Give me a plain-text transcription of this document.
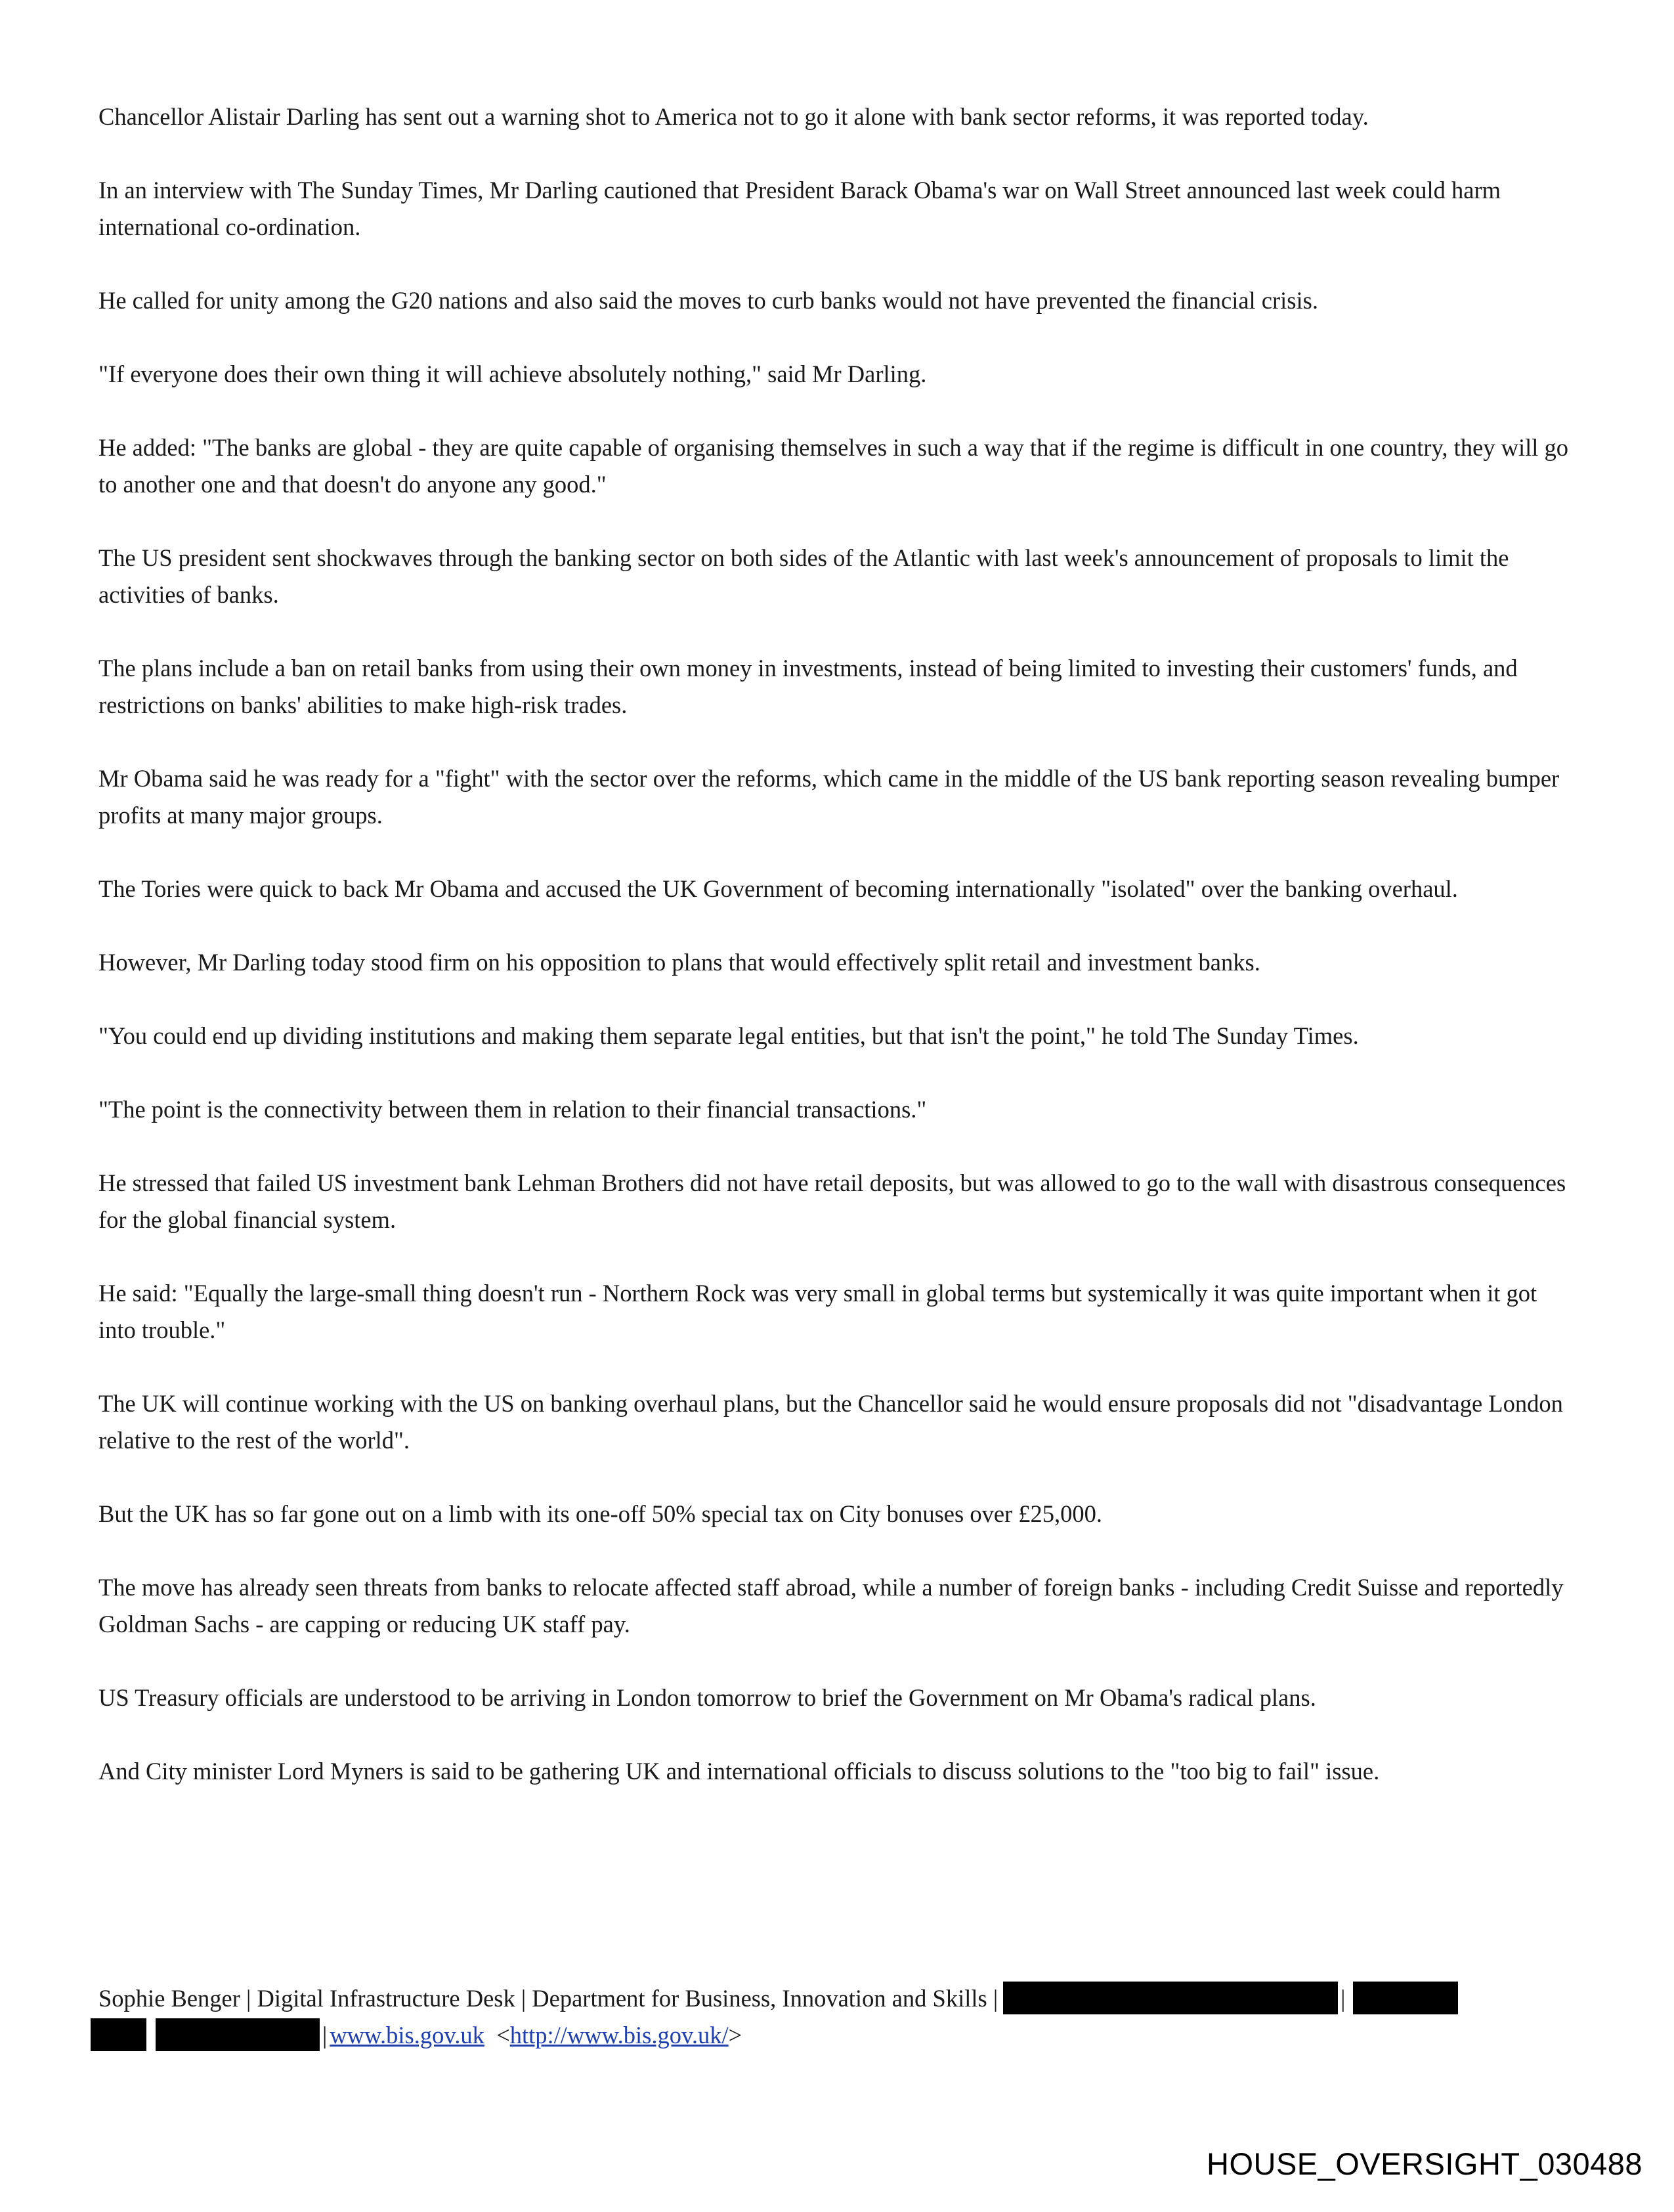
Chancellor Alistair Darling has sent out a warning shot to America not to go it alone with bank sector reforms, it was reported today.

In an interview with The Sunday Times, Mr Darling cautioned that President Barack Obama's war on Wall Street announced last week could harm international co-ordination.

He called for unity among the G20 nations and also said the moves to curb banks would not have prevented the financial crisis.

"If everyone does their own thing it will achieve absolutely nothing," said Mr Darling.

He added: "The banks are global - they are quite capable of organising themselves in such a way that if the regime is difficult in one country, they will go to another one and that doesn't do anyone any good."

The US president sent shockwaves through the banking sector on both sides of the Atlantic with last week's announcement of proposals to limit the activities of banks.

The plans include a ban on retail banks from using their own money in investments, instead of being limited to investing their customers' funds, and restrictions on banks' abilities to make high-risk trades.

Mr Obama said he was ready for a "fight" with the sector over the reforms, which came in the middle of the US bank reporting season revealing bumper profits at many major groups.

The Tories were quick to back Mr Obama and accused the UK Government of becoming internationally "isolated" over the banking overhaul.

However, Mr Darling today stood firm on his opposition to plans that would effectively split retail and investment banks.

"You could end up dividing institutions and making them separate legal entities, but that isn't the point," he told The Sunday Times.

"The point is the connectivity between them in relation to their financial transactions."

He stressed that failed US investment bank Lehman Brothers did not have retail deposits, but was allowed to go to the wall with disastrous consequences for the global financial system.

He said: "Equally the large-small thing doesn't run - Northern Rock was very small in global terms but systemically it was quite important when it got into trouble."

The UK will continue working with the US on banking overhaul plans, but the Chancellor said he would ensure proposals did not "disadvantage London relative to the rest of the world".

But the UK has so far gone out on a limb with its one-off 50% special tax on City bonuses over £25,000.

The move has already seen threats from banks to relocate affected staff abroad, while a number of foreign banks - including Credit Suisse and reportedly Goldman Sachs - are capping or reducing UK staff pay.

US Treasury officials are understood to be arriving in London tomorrow to brief the Government on Mr Obama's radical plans.

And City minister Lord Myners is said to be gathering UK and international officials to discuss solutions to the "too big to fail" issue.

Sophie Benger | Digital Infrastructure Desk | Department for Business, Innovation and Skills |	|
| www.bis.gov.uk <http://www.bis.gov.uk/>
HOUSE_OVERSIGHT_030488
